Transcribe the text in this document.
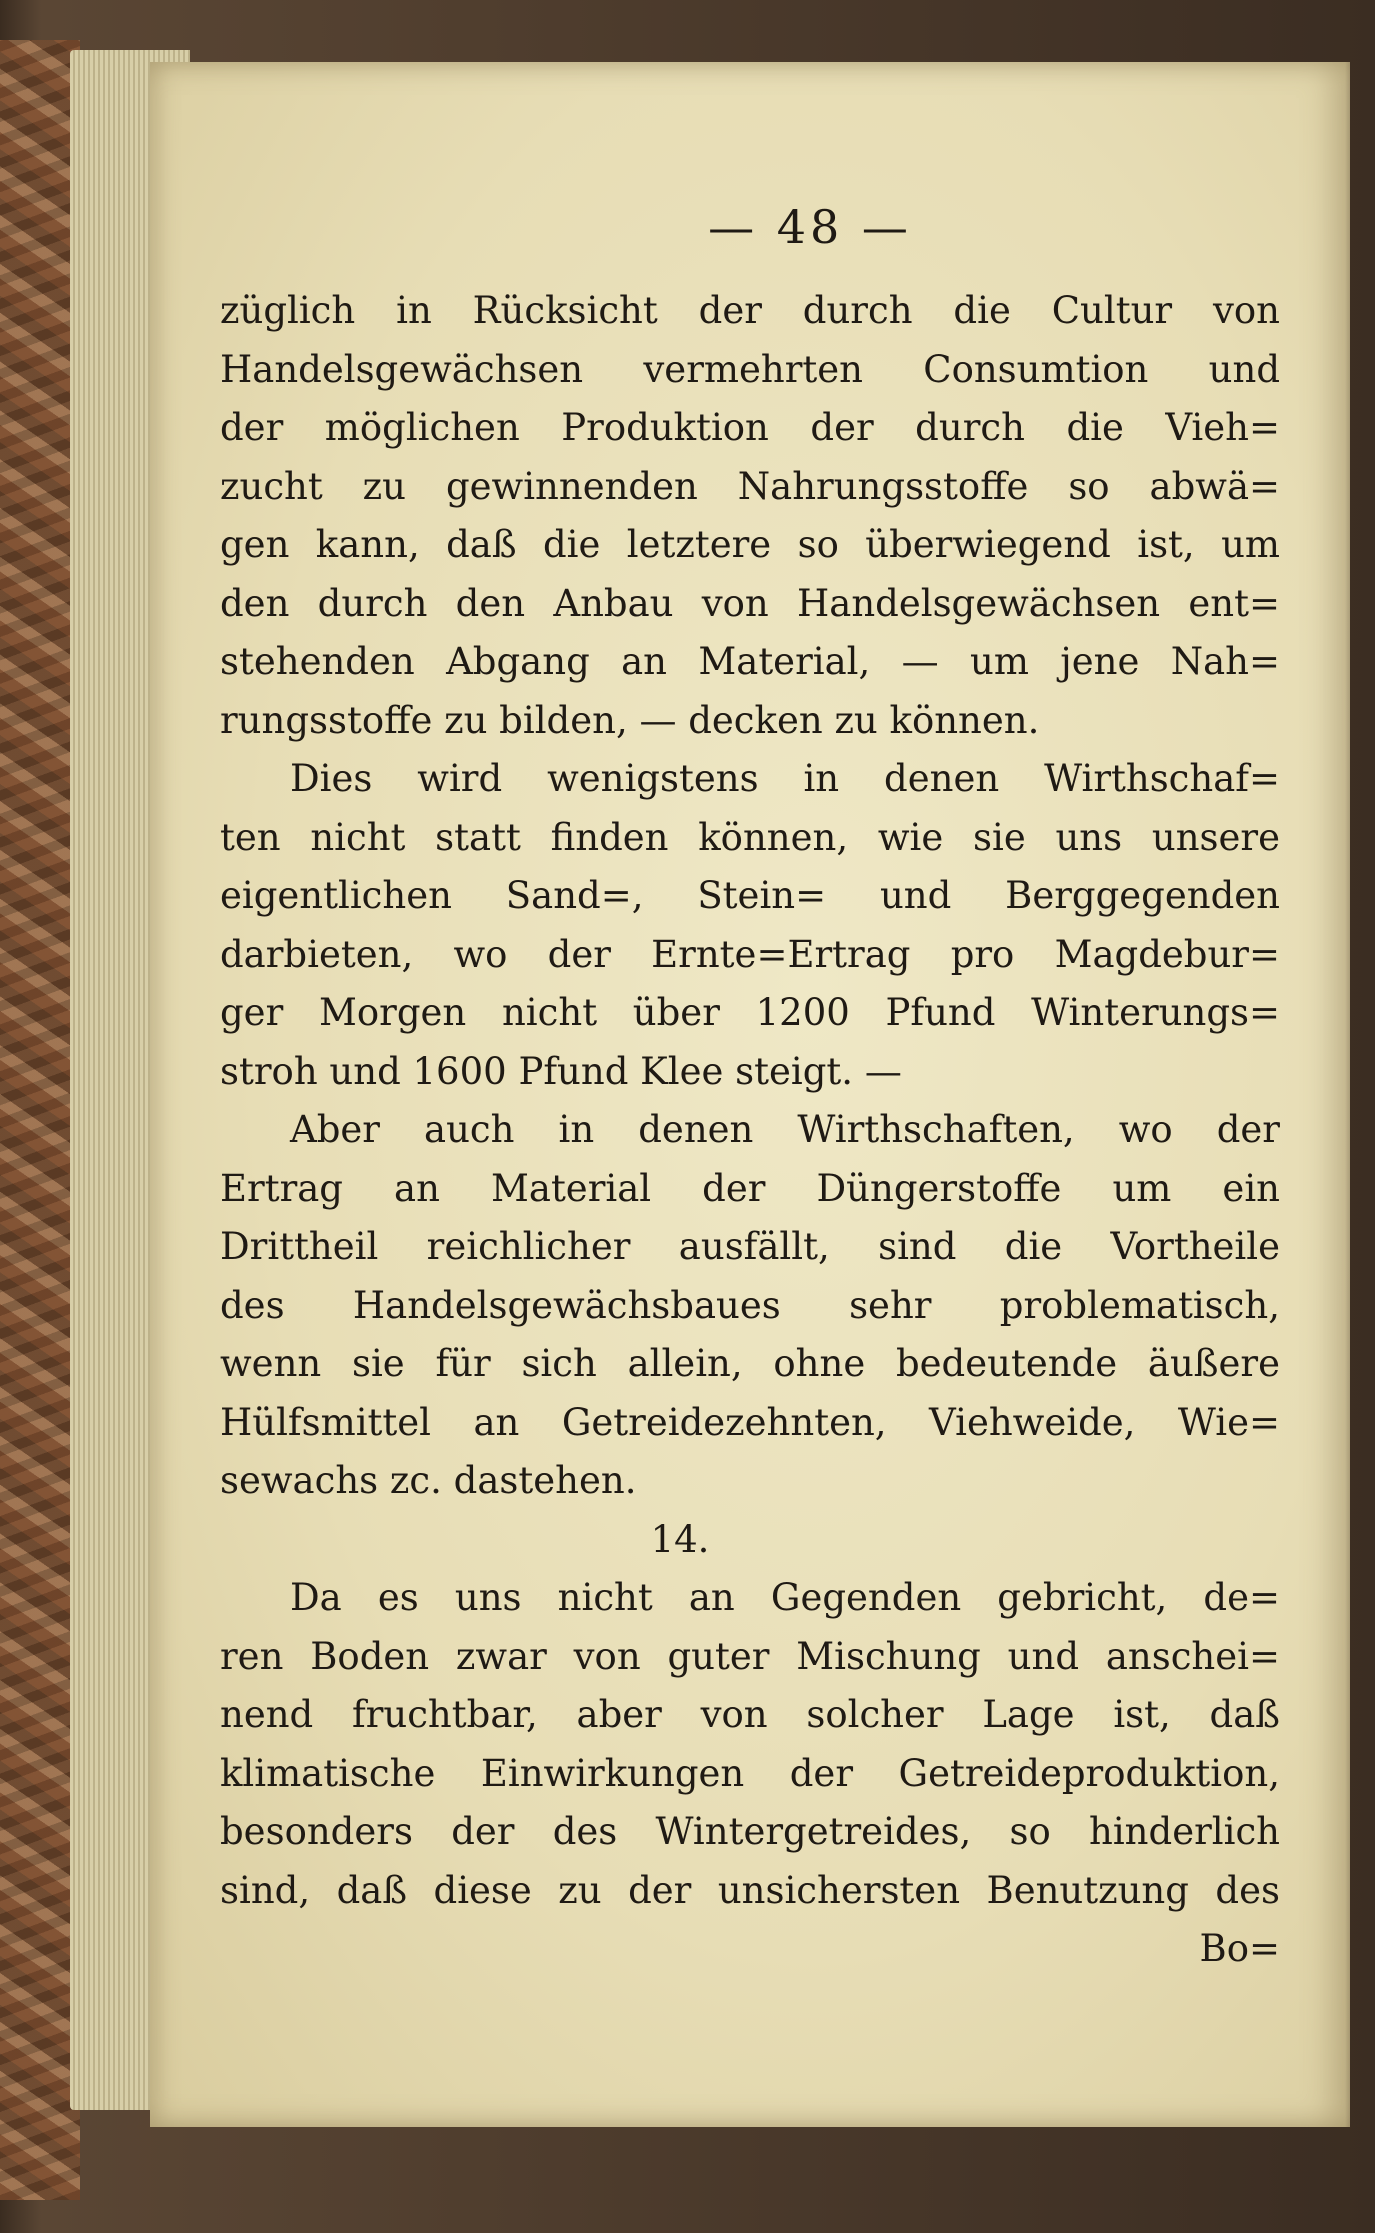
— 48 —
züglich in Rücksicht der durch die Cultur von
Handelsgewächsen vermehrten Consumtion und
der möglichen Produktion der durch die Vieh=
zucht zu gewinnenden Nahrungsstoffe so abwä=
gen kann, daß die letztere so überwiegend ist, um
den durch den Anbau von Handelsgewächsen ent=
stehenden Abgang an Material, — um jene Nah=
rungsstoffe zu bilden, — decken zu können.
Dies wird wenigstens in denen Wirthschaf=
ten nicht statt finden können, wie sie uns unsere
eigentlichen Sand=, Stein= und Berggegenden
darbieten, wo der Ernte=Ertrag pro Magdebur=
ger Morgen nicht über 1200 Pfund Winterungs=
stroh und 1600 Pfund Klee steigt. —
Aber auch in denen Wirthschaften, wo der
Ertrag an Material der Düngerstoffe um ein
Drittheil reichlicher ausfällt, sind die Vortheile
des Handelsgewächsbaues sehr problematisch,
wenn sie für sich allein, ohne bedeutende äußere
Hülfsmittel an Getreidezehnten, Viehweide, Wie=
sewachs zc. dastehen.
14.
Da es uns nicht an Gegenden gebricht, de=
ren Boden zwar von guter Mischung und anschei=
nend fruchtbar, aber von solcher Lage ist, daß
klimatische Einwirkungen der Getreideproduktion,
besonders der des Wintergetreides, so hinderlich
sind, daß diese zu der unsichersten Benutzung des
Bo=
